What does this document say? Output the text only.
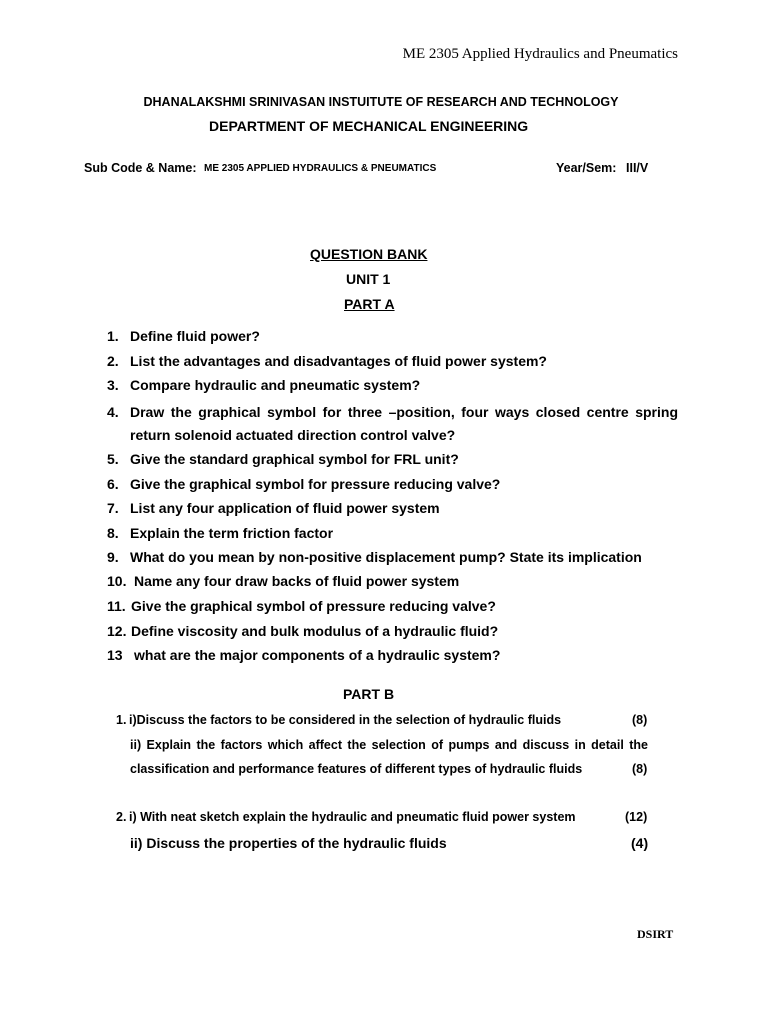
ME 2305 Applied Hydraulics and Pneumatics
DHANALAKSHMI SRINIVASAN INSTUITUTE OF RESEARCH AND TECHNOLOGY
DEPARTMENT OF MECHANICAL ENGINEERING
Sub Code & Name: ME 2305 APPLIED HYDRAULICS & PNEUMATICS	Year/Sem: III/V
QUESTION BANK
UNIT 1
PART A
1. Define fluid power?
2. List the advantages and disadvantages of fluid power system?
3. Compare hydraulic and pneumatic system?
4. Draw the graphical symbol for three –position, four ways closed centre spring
return solenoid actuated direction control valve?
5. Give the standard graphical symbol for FRL unit?
6. Give the graphical symbol for pressure reducing valve?
7. List any four application of fluid power system
8. Explain the term friction factor
9. What do you mean by non-positive displacement pump? State its implication
10. Name any four draw backs of fluid power system
11. Give the graphical symbol of pressure reducing valve?
12. Define viscosity and bulk modulus of a hydraulic fluid?
13 what are the major components of a hydraulic system?
PART B
1. i)Discuss the factors to be considered in the selection of hydraulic fluids	(8)
ii) Explain the factors which affect the selection of pumps and discuss in detail the
classification and performance features of different types of hydraulic fluids	(8)
2. i) With neat sketch explain the hydraulic and pneumatic fluid power system	(12)
ii) Discuss the properties of the hydraulic fluids	(4)
DSIRT
